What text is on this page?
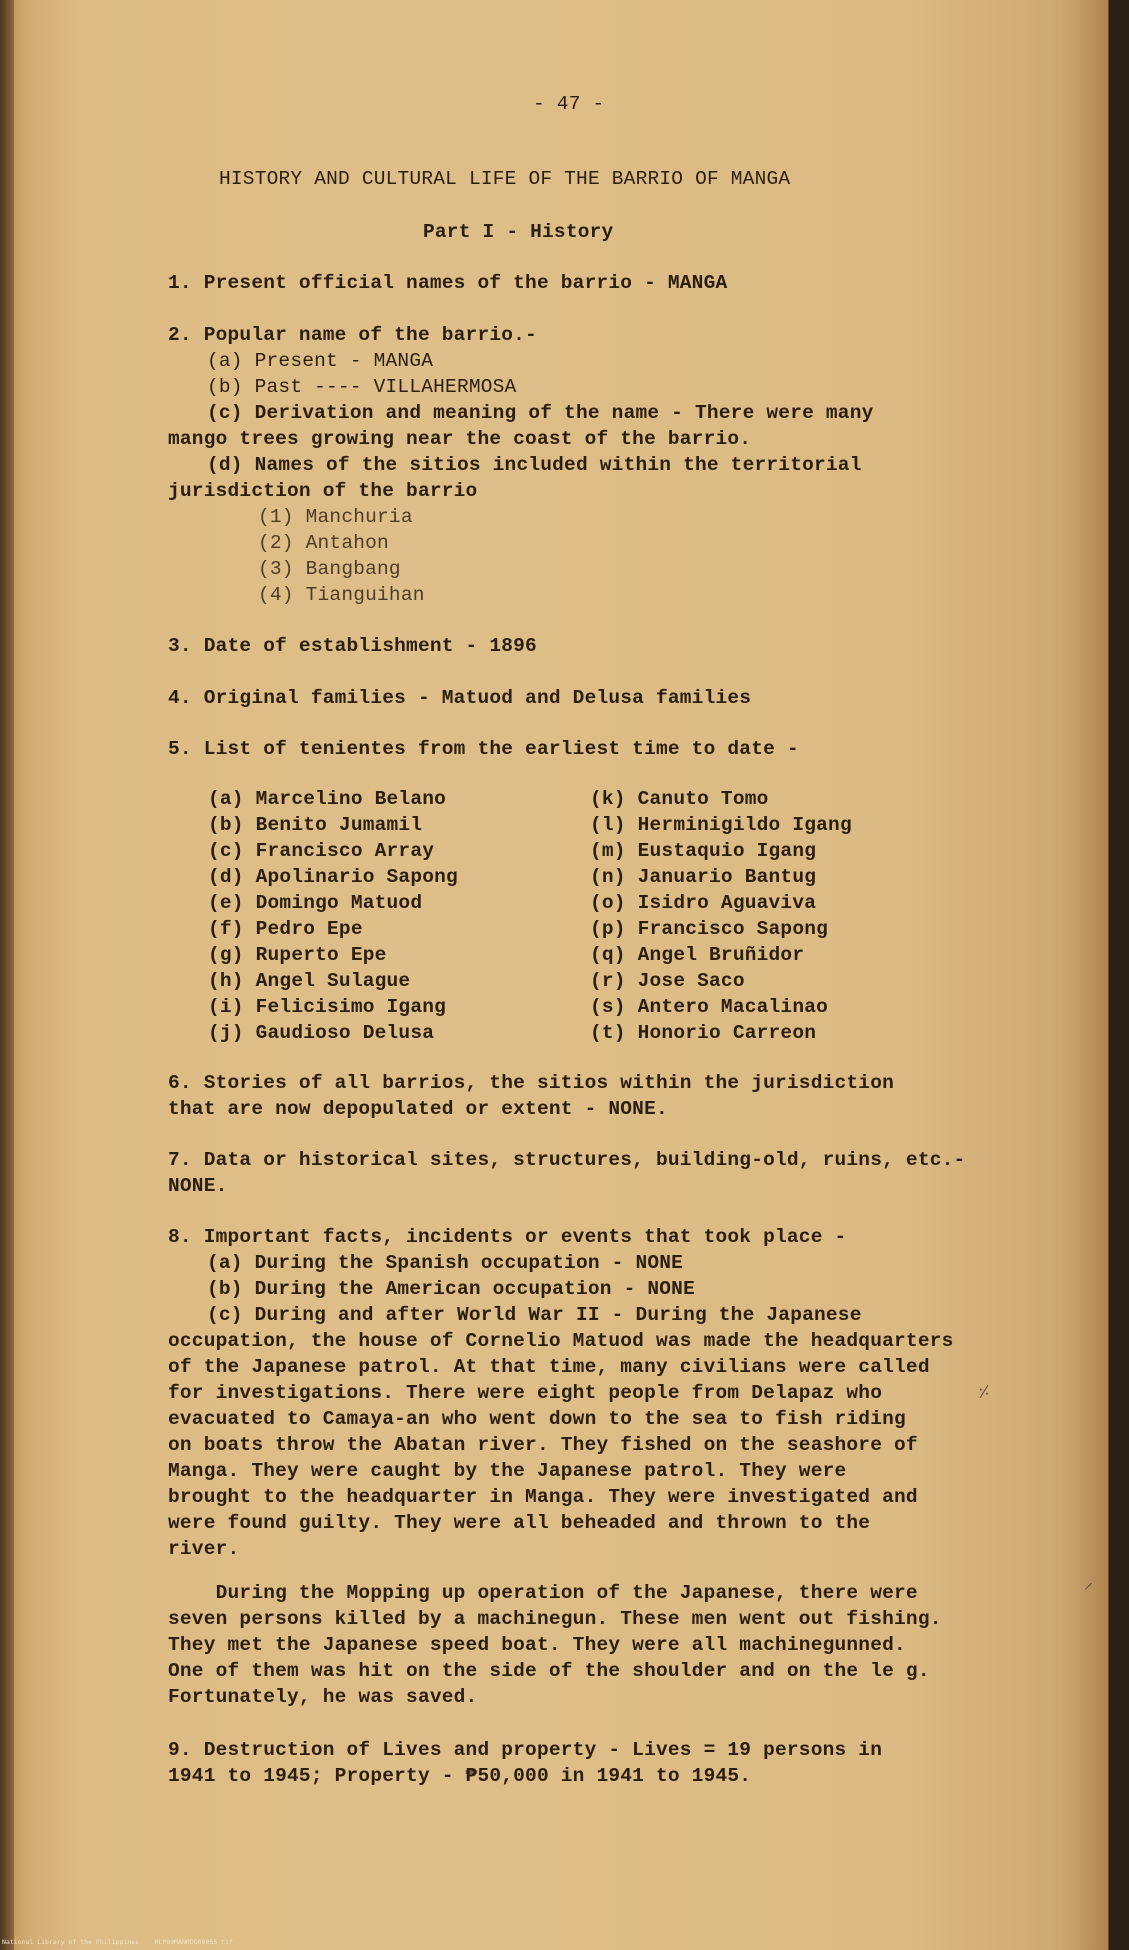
- 47 -
HISTORY AND CULTURAL LIFE OF THE BARRIO OF MANGA
Part I - History
1. Present official names of the barrio - MANGA
2. Popular name of the barrio.-
(a) Present - MANGA
(b) Past ---- VILLAHERMOSA
(c) Derivation and meaning of the name - There were many
mango trees growing near the coast of the barrio.
(d) Names of the sitios included within the territorial
jurisdiction of the barrio
(1) Manchuria
(2) Antahon
(3) Bangbang
(4) Tianguihan
3. Date of establishment - 1896
4. Original families - Matuod and Delusa families
5. List of tenientes from the earliest time to date -
(a) Marcelino Belano
(b) Benito Jumamil
(c) Francisco Array
(d) Apolinario Sapong
(e) Domingo Matuod
(f) Pedro Epe
(g) Ruperto Epe
(h) Angel Sulague
(i) Felicisimo Igang
(j) Gaudioso Delusa
(k) Canuto Tomo
(l) Herminigildo Igang
(m) Eustaquio Igang
(n) Januario Bantug
(o) Isidro Aguaviva
(p) Francisco Sapong
(q) Angel Bruñidor
(r) Jose Saco
(s) Antero Macalinao
(t) Honorio Carreon
6. Stories of all barrios, the sitios within the jurisdiction
that are now depopulated or extent - NONE.
7. Data or historical sites, structures, building-old, ruins, etc.-
NONE.
8. Important facts, incidents or events that took place -
(a) During the Spanish occupation - NONE
(b) During the American occupation - NONE
(c) During and after World War II - During the Japanese
occupation, the house of Cornelio Matuod was made the headquarters
of the Japanese patrol. At that time, many civilians were called
for investigations. There were eight people from Delapaz who
evacuated to Camaya-an who went down to the sea to fish riding
on boats throw the Abatan river. They fished on the seashore of
Manga. They were caught by the Japanese patrol. They were
brought to the headquarter in Manga. They were investigated and
were found guilty. They were all beheaded and thrown to the
river.
During the Mopping up operation of the Japanese, there were
seven persons killed by a machinegun. These men went out fishing.
They met the Japanese speed boat. They were all machinegunned.
One of them was hit on the side of the shoulder and on the le g.
Fortunately, he was saved.
9. Destruction of Lives and property - Lives = 19 persons in
1941 to 1945; Property - ₱50,000 in 1941 to 1945.
⸓
⸝
National Library of the Philippines    HLP00MAN0DG00055 tif
